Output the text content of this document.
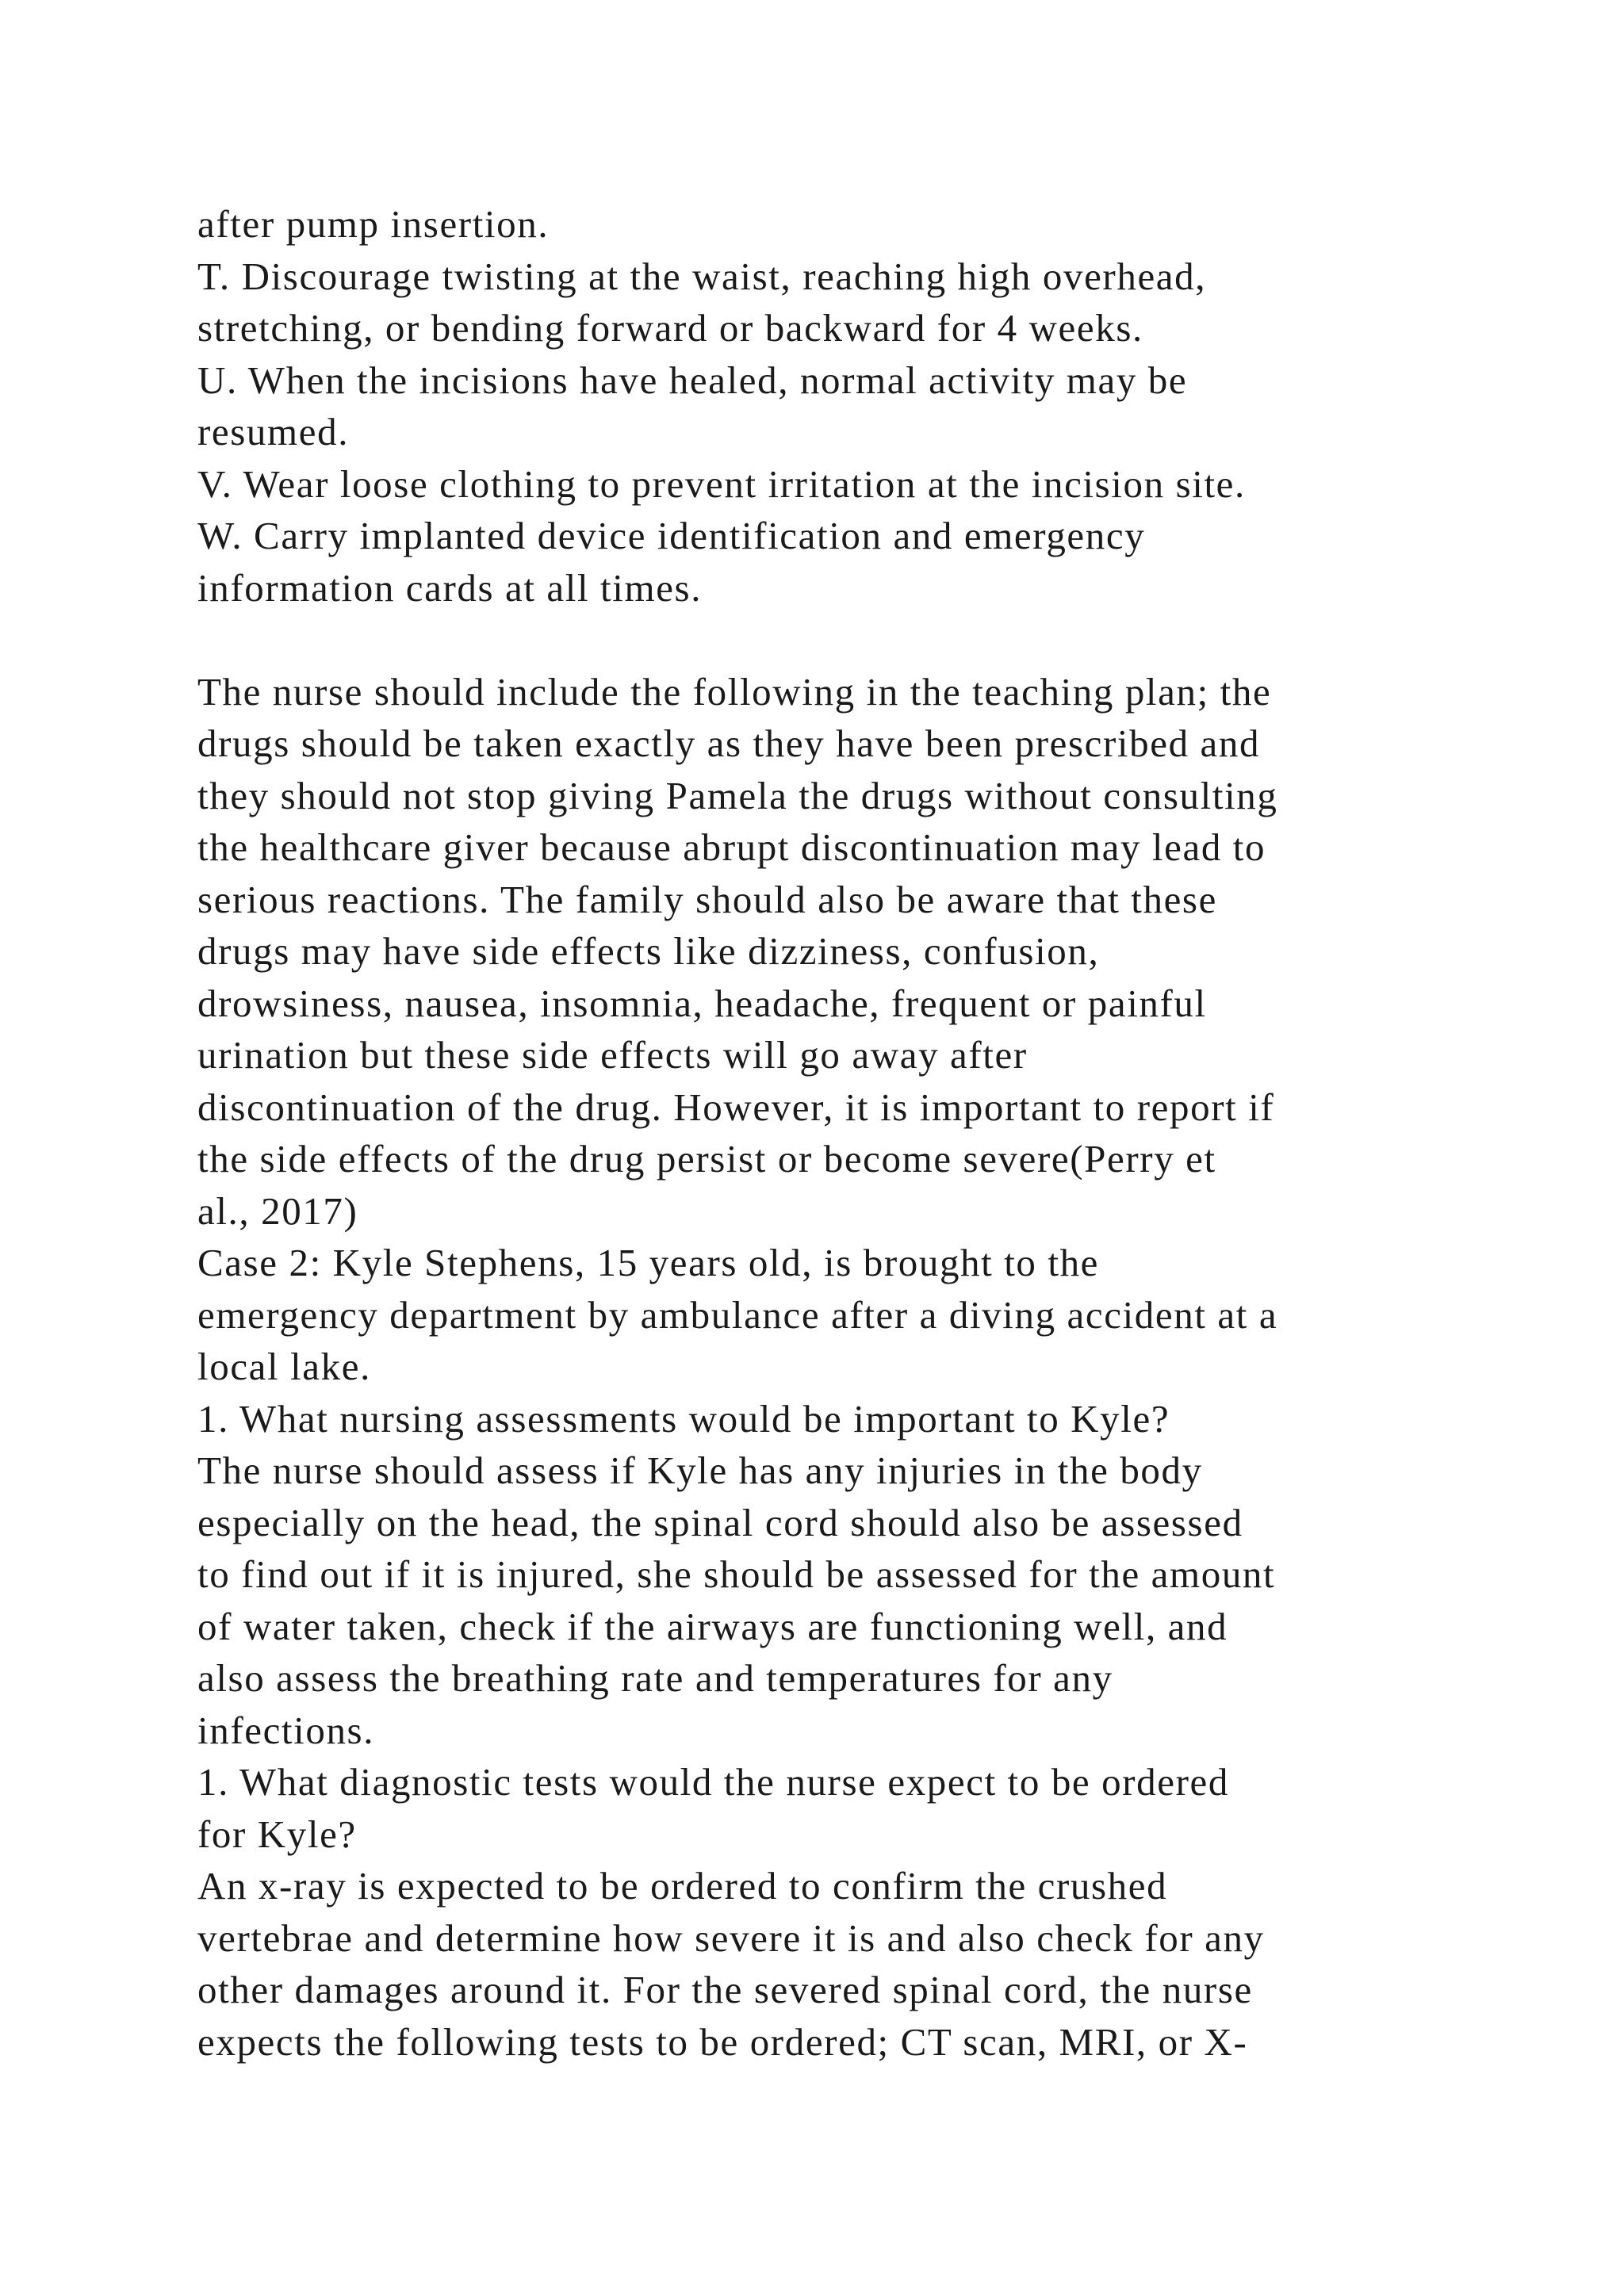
after pump insertion.
T. Discourage twisting at the waist, reaching high overhead,
stretching, or bending forward or backward for 4 weeks.
U. When the incisions have healed, normal activity may be
resumed.
V. Wear loose clothing to prevent irritation at the incision site.
W. Carry implanted device identification and emergency
information cards at all times.
The nurse should include the following in the teaching plan; the
drugs should be taken exactly as they have been prescribed and
they should not stop giving Pamela the drugs without consulting
the healthcare giver because abrupt discontinuation may lead to
serious reactions. The family should also be aware that these
drugs may have side effects like dizziness, confusion,
drowsiness, nausea, insomnia, headache, frequent or painful
urination but these side effects will go away after
discontinuation of the drug. However, it is important to report if
the side effects of the drug persist or become severe(Perry et
al., 2017)
Case 2: Kyle Stephens, 15 years old, is brought to the
emergency department by ambulance after a diving accident at a
local lake.
1. What nursing assessments would be important to Kyle?
The nurse should assess if Kyle has any injuries in the body
especially on the head, the spinal cord should also be assessed
to find out if it is injured, she should be assessed for the amount
of water taken, check if the airways are functioning well, and
also assess the breathing rate and temperatures for any
infections.
1. What diagnostic tests would the nurse expect to be ordered
for Kyle?
An x-ray is expected to be ordered to confirm the crushed
vertebrae and determine how severe it is and also check for any
other damages around it. For the severed spinal cord, the nurse
expects the following tests to be ordered; CT scan, MRI, or X-
